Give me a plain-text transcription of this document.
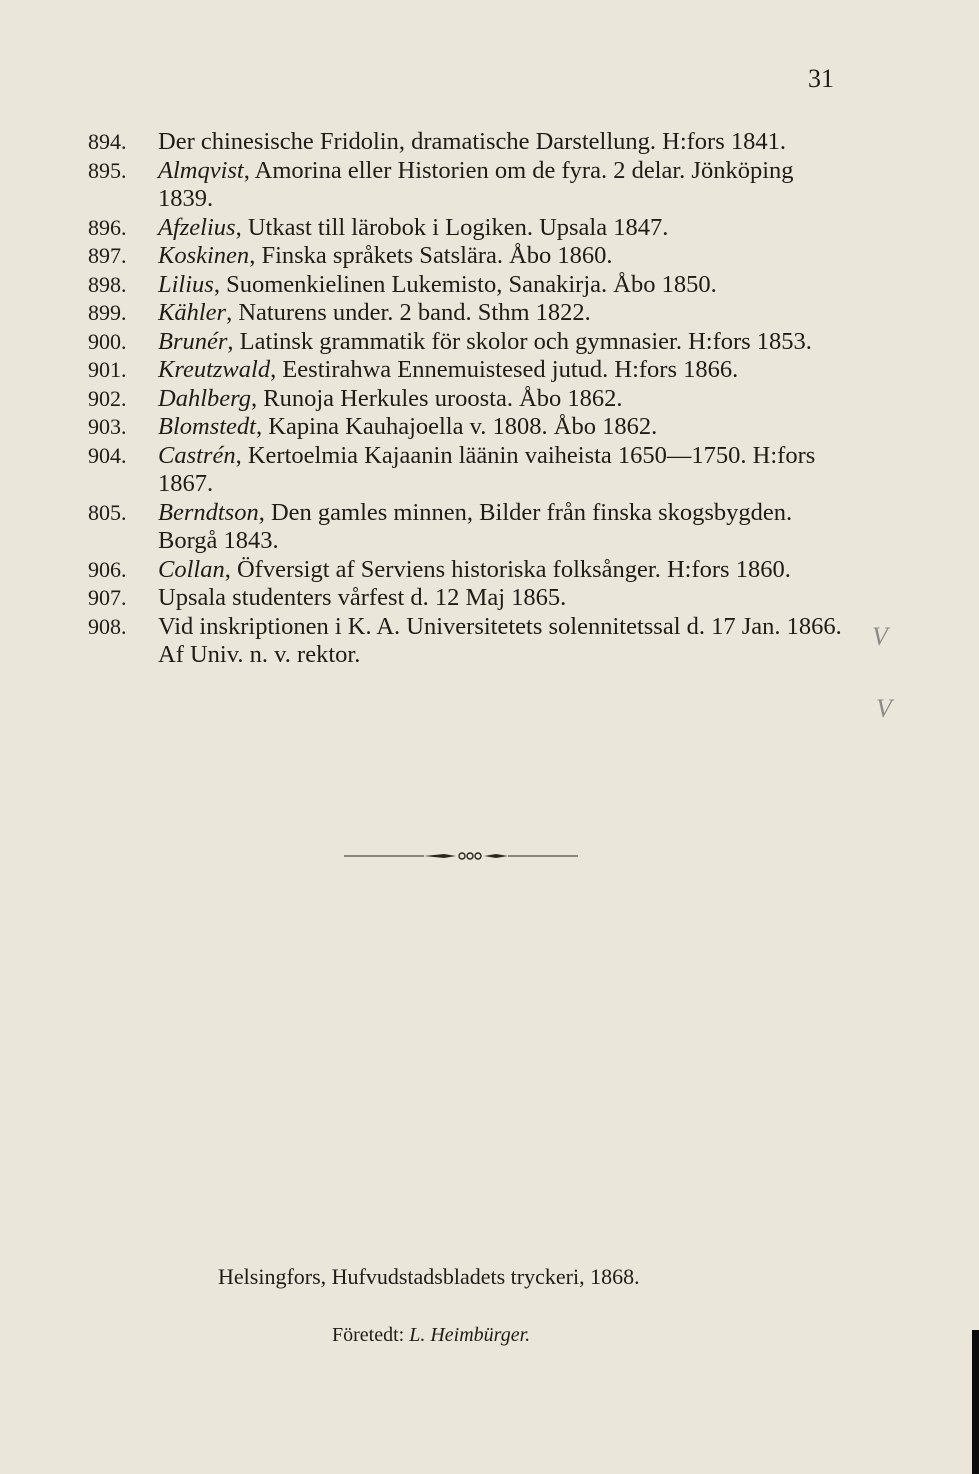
31
894.	Der chinesische Fridolin, dramatische Darstellung. H:fors 1841.
895.	Almqvist, Amorina eller Historien om de fyra. 2 delar. Jönköping 1839.
896.	Afzelius, Utkast till lärobok i Logiken. Upsala 1847.
897.	Koskinen, Finska språkets Satslära. Åbo 1860.
898.	Lilius, Suomenkielinen Lukemisto, Sanakirja. Åbo 1850.
899.	Kähler, Naturens under. 2 band. Sthm 1822.
900.	Brunér, Latinsk grammatik för skolor och gymnasier. H:fors 1853.
901.	Kreutzwald, Eestirahwa Ennemuistesed jutud. H:fors 1866.
902.	Dahlberg, Runoja Herkules uroosta. Åbo 1862.
903.	Blomstedt, Kapina Kauhajoella v. 1808. Åbo 1862.
904.	Castrén, Kertoelmia Kajaanin läänin vaiheista 1650—1750. H:fors 1867.
805.	Berndtson, Den gamles minnen, Bilder från finska skogsbygden. Borgå 1843.
906.	Collan, Öfversigt af Serviens historiska folksånger. H:fors 1860.
907.	Upsala studenters vårfest d. 12 Maj 1865.
908.	Vid inskriptionen i K. A. Universitetets solennitetssal d. 17 Jan. 1866. Af Univ. n. v. rektor.
V
V
Helsingfors, Hufvudstadsbladets tryckeri, 1868.
Företedt: L. Heimbürger.
